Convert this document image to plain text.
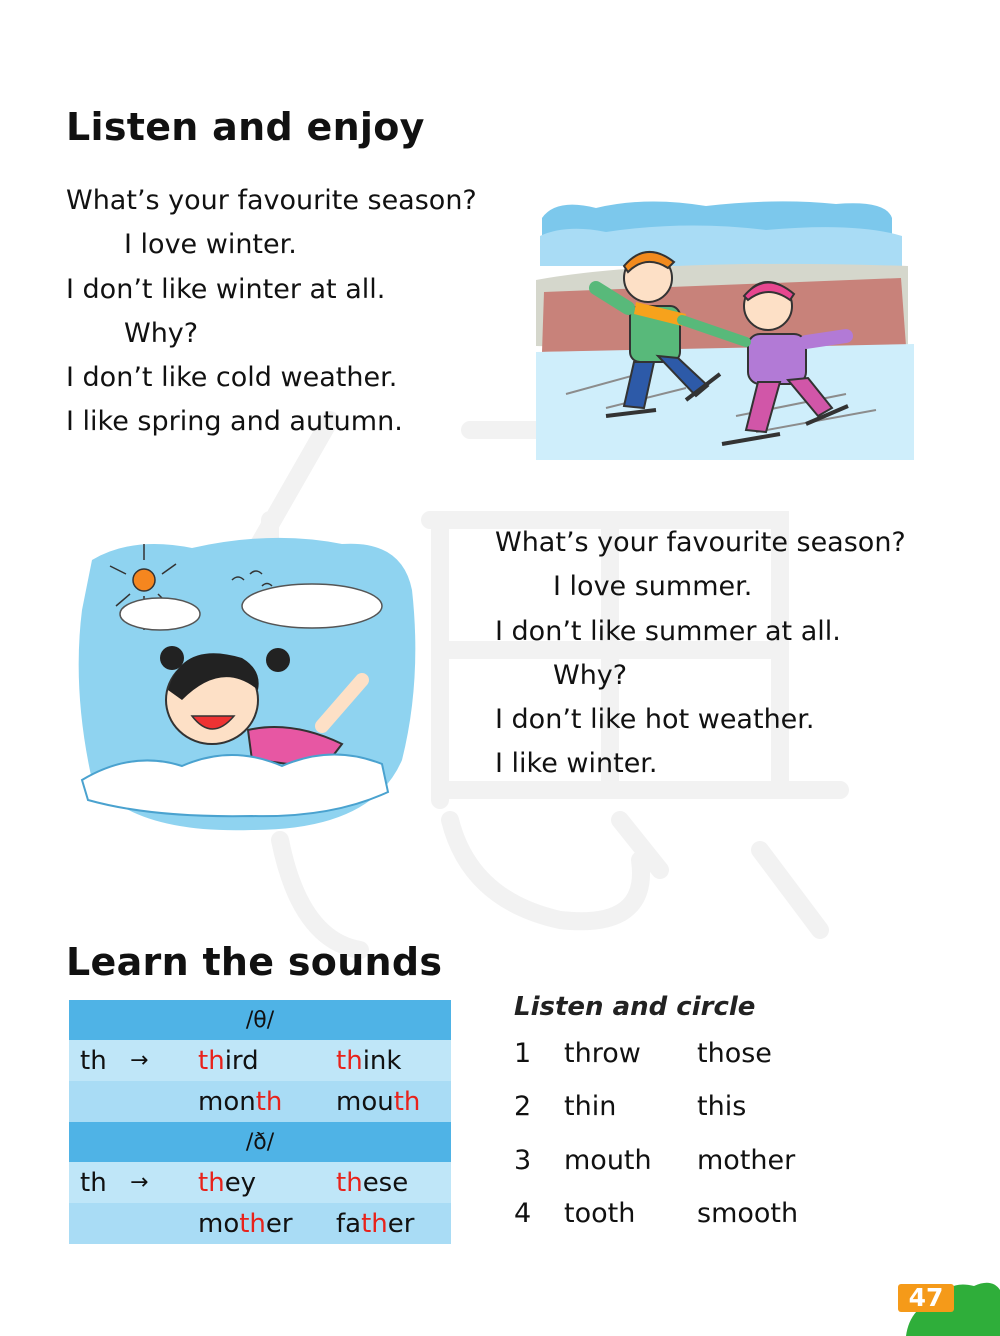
Listen and enjoy
What’s your favourite season?
I love winter.
I don’t like winter at all.
Why?
I don’t like cold weather.
I like spring and autumn.
What’s your favourite season?
I love summer.
I don’t like summer at all.
Why?
I don’t like hot weather.
I like winter.
Learn the sounds
/θ/			
th	→	third	think
		month	mouth
/ð/			
th	→	they	these
		mother	father
Listen and circle
1 throw those
2 thin	this
3 mouth mother
4 tooth smooth
47
